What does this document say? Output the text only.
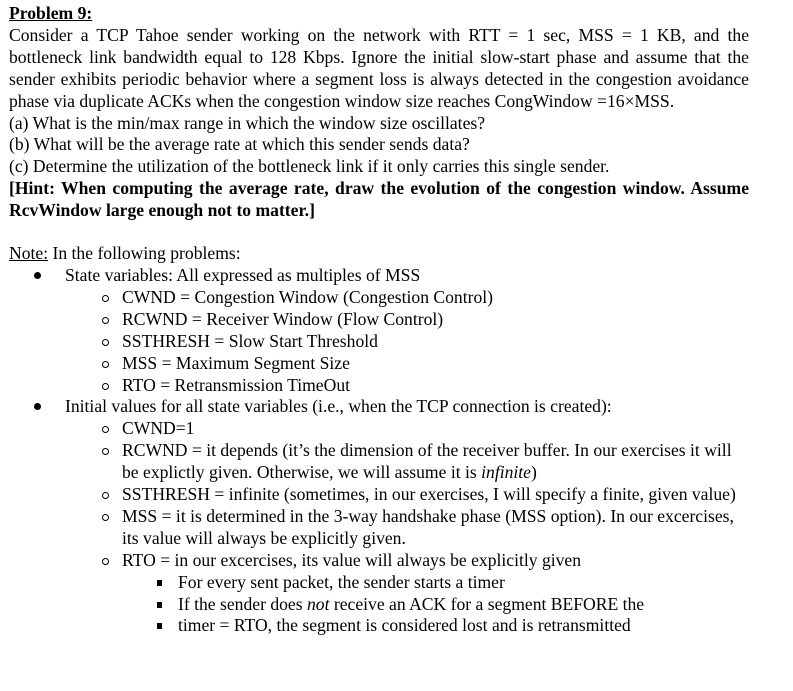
Problem 9:

Consider a TCP Tahoe sender working on the network with RTT = 1 sec, MSS = 1 KB, and the bottleneck link bandwidth equal to 128 Kbps. Ignore the initial slow-start phase and assume that the sender exhibits periodic behavior where a segment loss is always detected in the congestion avoidance phase via duplicate ACKs when the congestion window size reaches CongWindow =16×MSS.

(a) What is the min/max range in which the window size oscillates?

(b) What will be the average rate at which this sender sends data?

(c) Determine the utilization of the bottleneck link if it only carries this single sender.

[Hint: When computing the average rate, draw the evolution of the congestion window. Assume RcvWindow large enough not to matter.]

Note: In the following problems:

State variables: All expressed as multiples of MSS
CWND = Congestion Window (Congestion Control)
RCWND = Receiver Window (Flow Control)
SSTHRESH = Slow Start Threshold
MSS = Maximum Segment Size
RTO = Retransmission TimeOut
Initial values for all state variables (i.e., when the TCP connection is created):
CWND=1
RCWND = it depends (it’s the dimension of the receiver buffer. In our exercises it will be explictly given. Otherwise, we will assume it is infinite)
SSTHRESH = infinite (sometimes, in our exercises, I will specify a finite, given value)
MSS = it is determined in the 3-way handshake phase (MSS option). In our excercises, its value will always be explicitly given.
RTO = in our excercises, its value will always be explicitly given
For every sent packet, the sender starts a timer
If the sender does not receive an ACK for a segment BEFORE the
timer = RTO, the segment is considered lost and is retransmitted
